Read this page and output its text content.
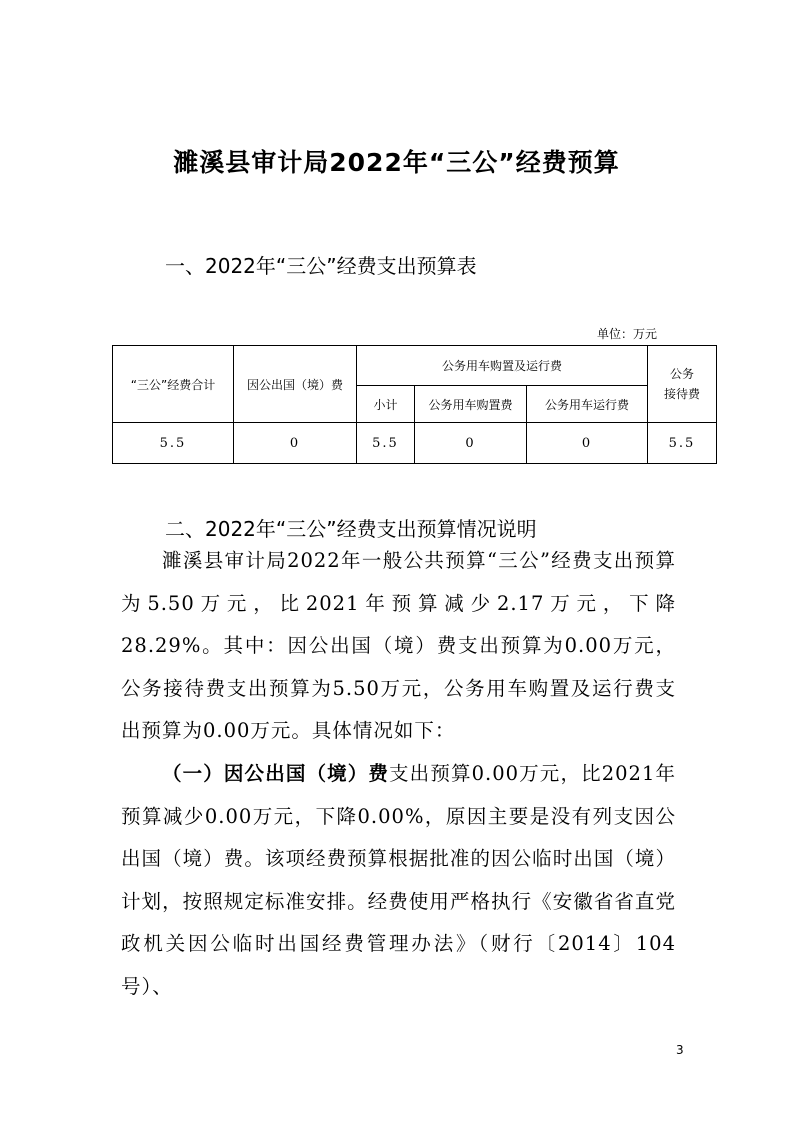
濉溪县审计局2022年“三公”经费预算
一、2022年“三公”经费支出预算表
单位：万元
“三公”经费合计	因公出国（境）费	公务用车购置及运行费			公务
接待费
		小计	公务用车购置费	公务用车运行费	
5.5	0	5.5	0	0	5.5
二、2022年“三公”经费支出预算情况说明

濉溪县审计局2022年一般公共预算“三公”经费支出预算为5.50万元，比2021年预算减少2.17万元，下降28.29%。其中：因公出国（境）费支出预算为0.00万元，公务接待费支出预算为5.50万元，公务用车购置及运行费支出预算为0.00万元。具体情况如下：

（一）因公出国（境）费支出预算0.00万元，比2021年预算减少0.00万元，下降0.00%，原因主要是没有列支因公出国（境）费。该项经费预算根据批准的因公临时出国（境）计划，按照规定标准安排。经费使用严格执行《安徽省省直党政机关因公临时出国经费管理办法》（财行〔2014〕104号）、

3
